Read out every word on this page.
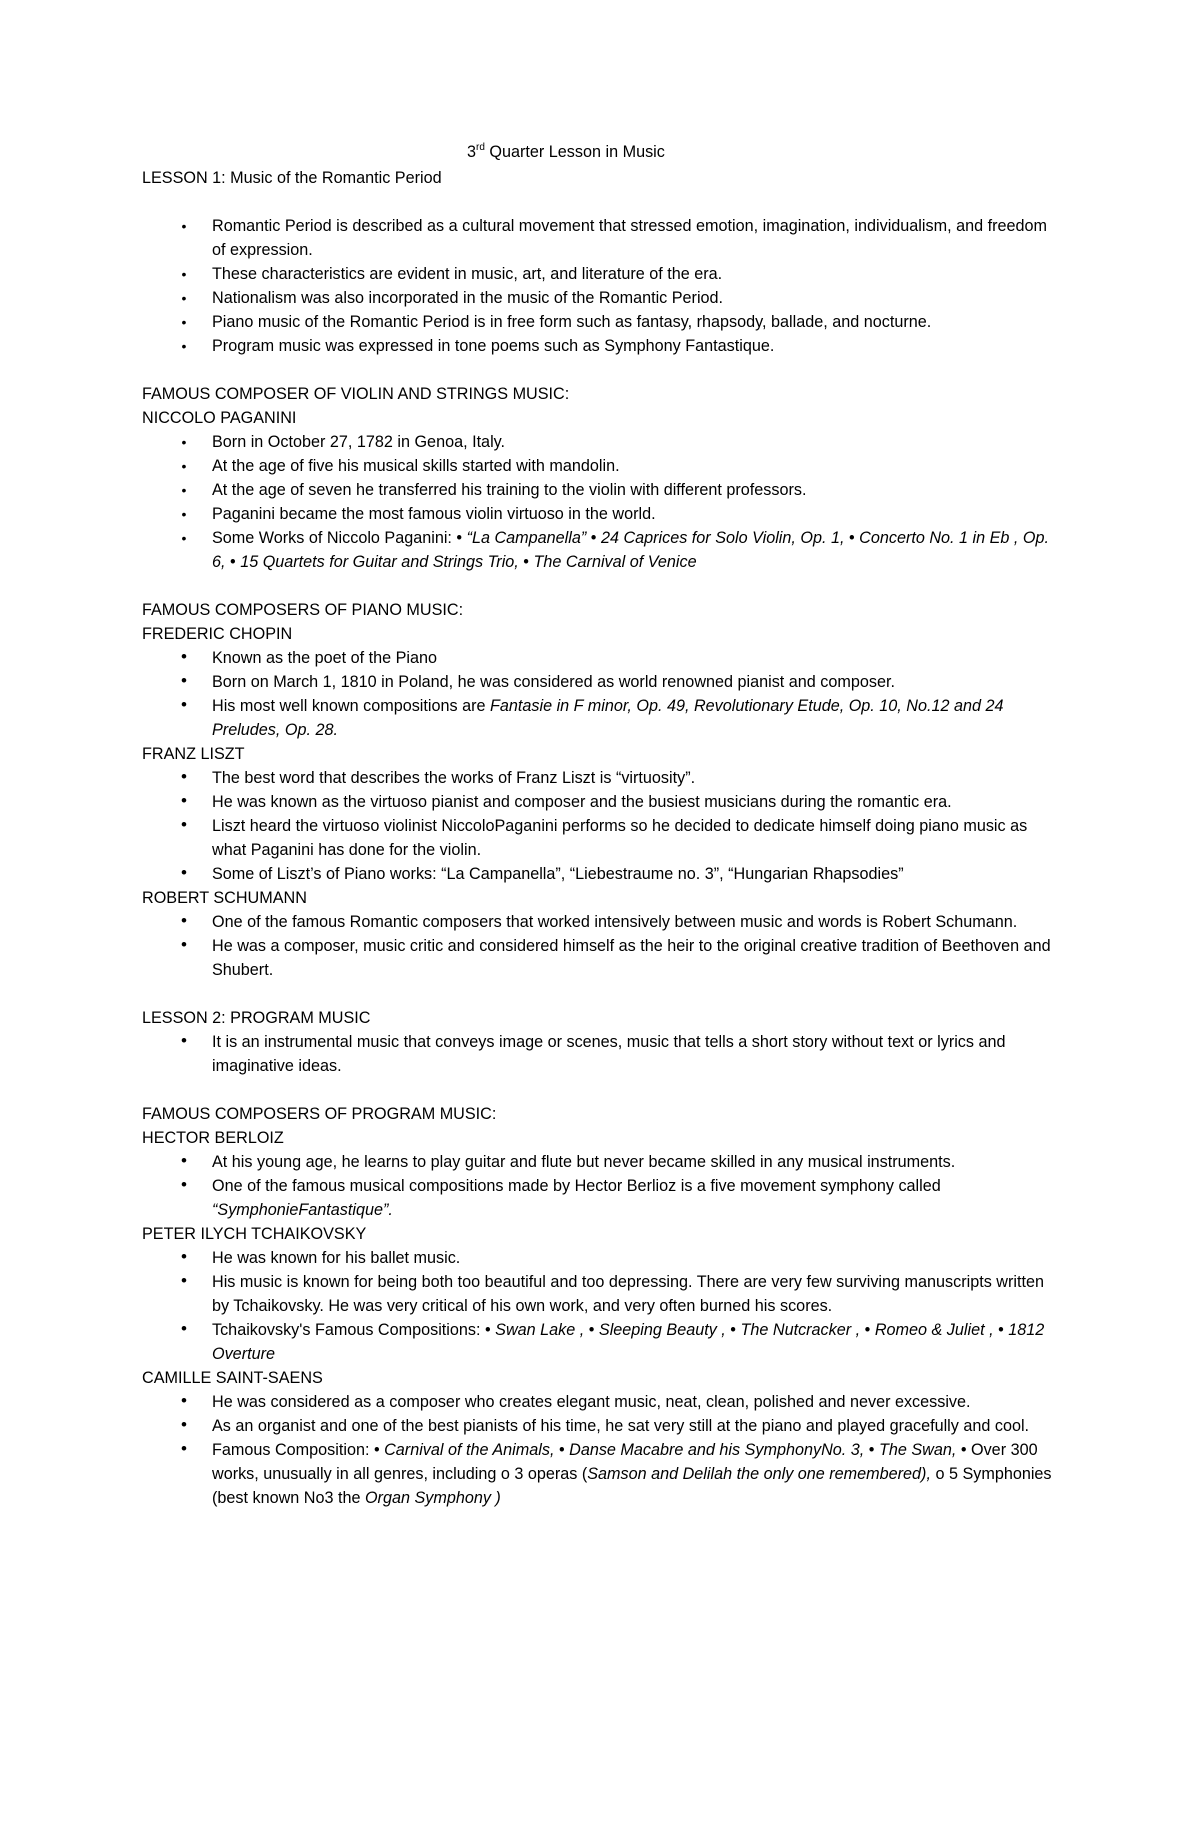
3rd Quarter Lesson in Music

LESSON 1: Music of the Romantic Period

• Romantic Period is described as a cultural movement that stressed emotion, imagination, individualism, and freedom of expression.
• These characteristics are evident in music, art, and literature of the era.
• Nationalism was also incorporated in the music of the Romantic Period.
• Piano music of the Romantic Period is in free form such as fantasy, rhapsody, ballade, and nocturne.
• Program music was expressed in tone poems such as Symphony Fantastique.

FAMOUS COMPOSER OF VIOLIN AND STRINGS MUSIC:

NICCOLO PAGANINI

• Born in October 27, 1782 in Genoa, Italy.
• At the age of five his musical skills started with mandolin.
• At the age of seven he transferred his training to the violin with different professors.
• Paganini became the most famous violin virtuoso in the world.
• Some Works of Niccolo Paganini: • “La Campanella” • 24 Caprices for Solo Violin, Op. 1, • Concerto No. 1 in Eb , Op. 6, • 15 Quartets for Guitar and Strings Trio, • The Carnival of Venice

FAMOUS COMPOSERS OF PIANO MUSIC:

FREDERIC CHOPIN

• Known as the poet of the Piano
• Born on March 1, 1810 in Poland, he was considered as world renowned pianist and composer.
• His most well known compositions are Fantasie in F minor, Op. 49, Revolutionary Etude, Op. 10, No.12 and 24 Preludes, Op. 28.

FRANZ LISZT

• The best word that describes the works of Franz Liszt is “virtuosity”.
• He was known as the virtuoso pianist and composer and the busiest musicians during the romantic era.
• Liszt heard the virtuoso violinist NiccoloPaganini performs so he decided to dedicate himself doing piano music as what Paganini has done for the violin.
• Some of Liszt’s of Piano works: “La Campanella”, “Liebestraume no. 3”, “Hungarian Rhapsodies”

ROBERT SCHUMANN

• One of the famous Romantic composers that worked intensively between music and words is Robert Schumann.
• He was a composer, music critic and considered himself as the heir to the original creative tradition of Beethoven and Shubert.

LESSON 2: PROGRAM MUSIC

• It is an instrumental music that conveys image or scenes, music that tells a short story without text or lyrics and imaginative ideas.

FAMOUS COMPOSERS OF PROGRAM MUSIC:

HECTOR BERLOIZ

• At his young age, he learns to play guitar and flute but never became skilled in any musical instruments.
• One of the famous musical compositions made by Hector Berlioz is a five movement symphony called “SymphonieFantastique”.

PETER ILYCH TCHAIKOVSKY

• He was known for his ballet music.
• His music is known for being both too beautiful and too depressing. There are very few surviving manuscripts written by Tchaikovsky. He was very critical of his own work, and very often burned his scores.
• Tchaikovsky's Famous Compositions: • Swan Lake , • Sleeping Beauty , • The Nutcracker , • Romeo & Juliet , • 1812 Overture

CAMILLE SAINT-SAENS

• He was considered as a composer who creates elegant music, neat, clean, polished and never excessive.
• As an organist and one of the best pianists of his time, he sat very still at the piano and played gracefully and cool.
• Famous Composition: • Carnival of the Animals, • Danse Macabre and his SymphonyNo. 3, • The Swan, • Over 300 works, unusually in all genres, including o 3 operas (Samson and Delilah the only one remembered), o 5 Symphonies (best known No3 the Organ Symphony )
